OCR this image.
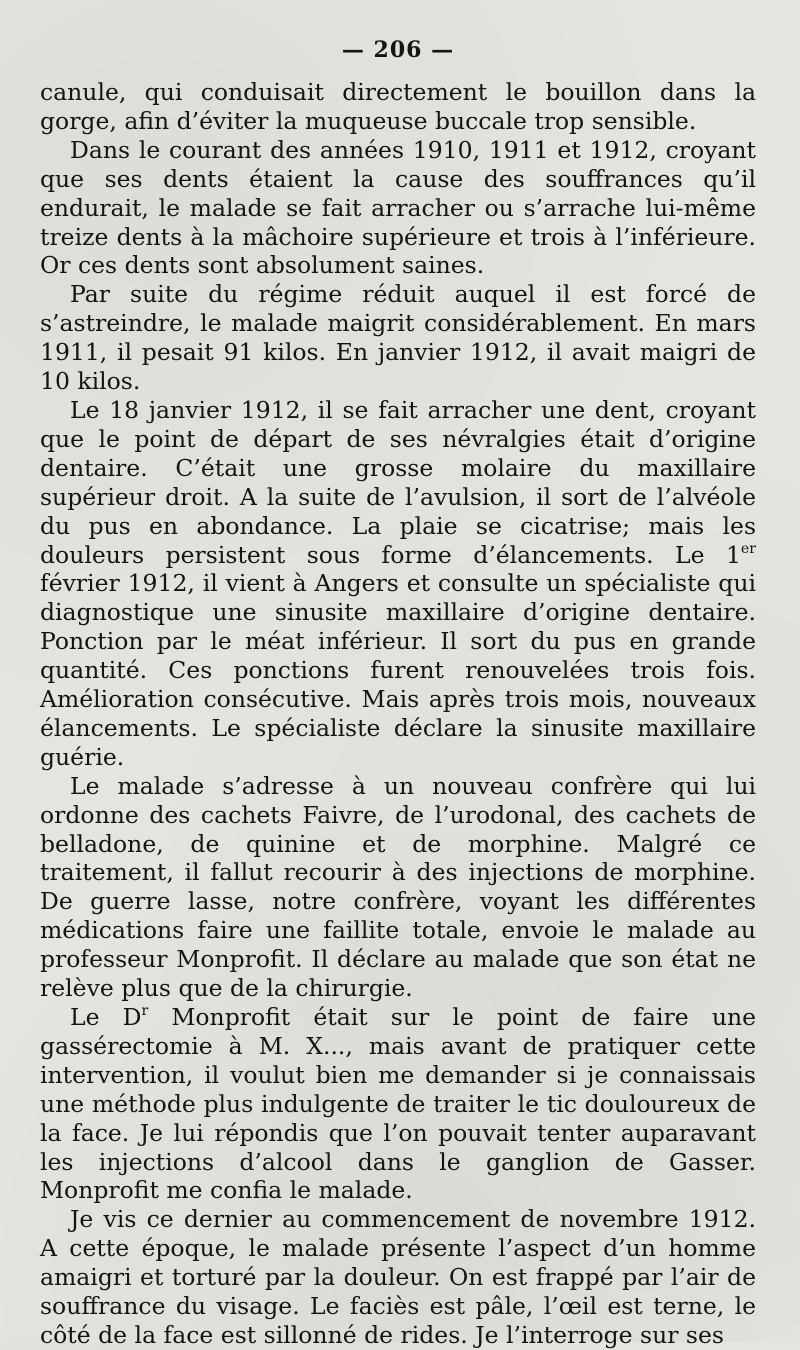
— 206 —

canule, qui conduisait directement le bouillon dans la gorge, afin d’éviter la muqueuse buccale trop sensible.

Dans le courant des années 1910, 1911 et 1912, croyant que ses dents étaient la cause des souffrances qu’il endurait, le malade se fait arracher ou s’arrache lui-même treize dents à la mâchoire supérieure et trois à l’inférieure. Or ces dents sont absolument saines.

Par suite du régime réduit auquel il est forcé de s’astreindre, le malade maigrit considérablement. En mars 1911, il pesait 91 kilos. En janvier 1912, il avait maigri de 10 kilos.

Le 18 janvier 1912, il se fait arracher une dent, croyant que le point de départ de ses névralgies était d’origine dentaire. C’était une grosse molaire du maxillaire supérieur droit. A la suite de l’avulsion, il sort de l’alvéole du pus en abondance. La plaie se cicatrise; mais les douleurs persistent sous forme d’élancements. Le 1er février 1912, il vient à Angers et consulte un spécialiste qui diagnostique une sinusite maxillaire d’origine dentaire. Ponction par le méat inférieur. Il sort du pus en grande quantité. Ces ponctions furent renouvelées trois fois. Amélioration consécutive. Mais après trois mois, nouveaux élancements. Le spécialiste déclare la sinusite maxillaire guérie.

Le malade s’adresse à un nouveau confrère qui lui ordonne des cachets Faivre, de l’urodonal, des cachets de belladone, de quinine et de morphine. Malgré ce traitement, il fallut recourir à des injections de morphine. De guerre lasse, notre confrère, voyant les différentes médications faire une faillite totale, envoie le malade au professeur Monprofit. Il déclare au malade que son état ne relève plus que de la chirurgie.

Le $D^r$ Monprofit était sur le point de faire une gassérectomie à M. X..., mais avant de pratiquer cette intervention, il voulut bien me demander si je connaissais une méthode plus indulgente de traiter le tic douloureux de la face. Je lui répondis que l’on pouvait tenter auparavant les injections d’alcool dans le ganglion de Gasser. Monprofit me confia le malade.

Je vis ce dernier au commencement de novembre 1912. A cette époque, le malade présente l’aspect d’un homme amaigri et torturé par la douleur. On est frappé par l’air de souffrance du visage. Le faciès est pâle, l’œil est terne, le côté de la face est sillonné de rides. Je l’interroge sur ses
